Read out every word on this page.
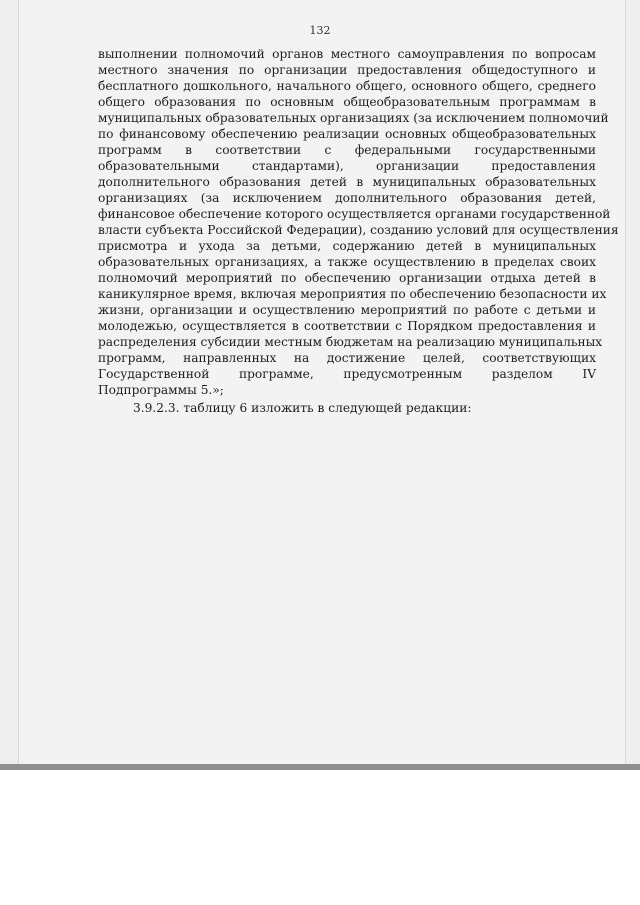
132

выполнении полномочий органов местного самоуправления по вопросам

местного значения по организации предоставления общедоступного и

бесплатного дошкольного, начального общего, основного общего, среднего

общего образования по основным общеобразовательным программам в

муниципальных образовательных организациях (за исключением полномочий

по финансовому обеспечению реализации основных общеобразовательных

программ в соответствии с федеральными государственными

образовательными стандартами), организации предоставления

дополнительного образования детей в муниципальных образовательных

организациях (за исключением дополнительного образования детей,

финансовое обеспечение которого осуществляется органами государственной

власти субъекта Российской Федерации), созданию условий для осуществления

присмотра и ухода за детьми, содержанию детей в муниципальных

образовательных организациях, а также осуществлению в пределах своих

полномочий мероприятий по обеспечению организации отдыха детей в

каникулярное время, включая мероприятия по обеспечению безопасности их

жизни, организации и осуществлению мероприятий по работе с детьми и

молодежью, осуществляется в соответствии с Порядком предоставления и

распределения субсидии местным бюджетам на реализацию муниципальных

программ, направленных на достижение целей, соответствующих

Государственной программе, предусмотренным разделом IV

Подпрограммы 5.»;

3.9.2.3. таблицу 6 изложить в следующей редакции:
